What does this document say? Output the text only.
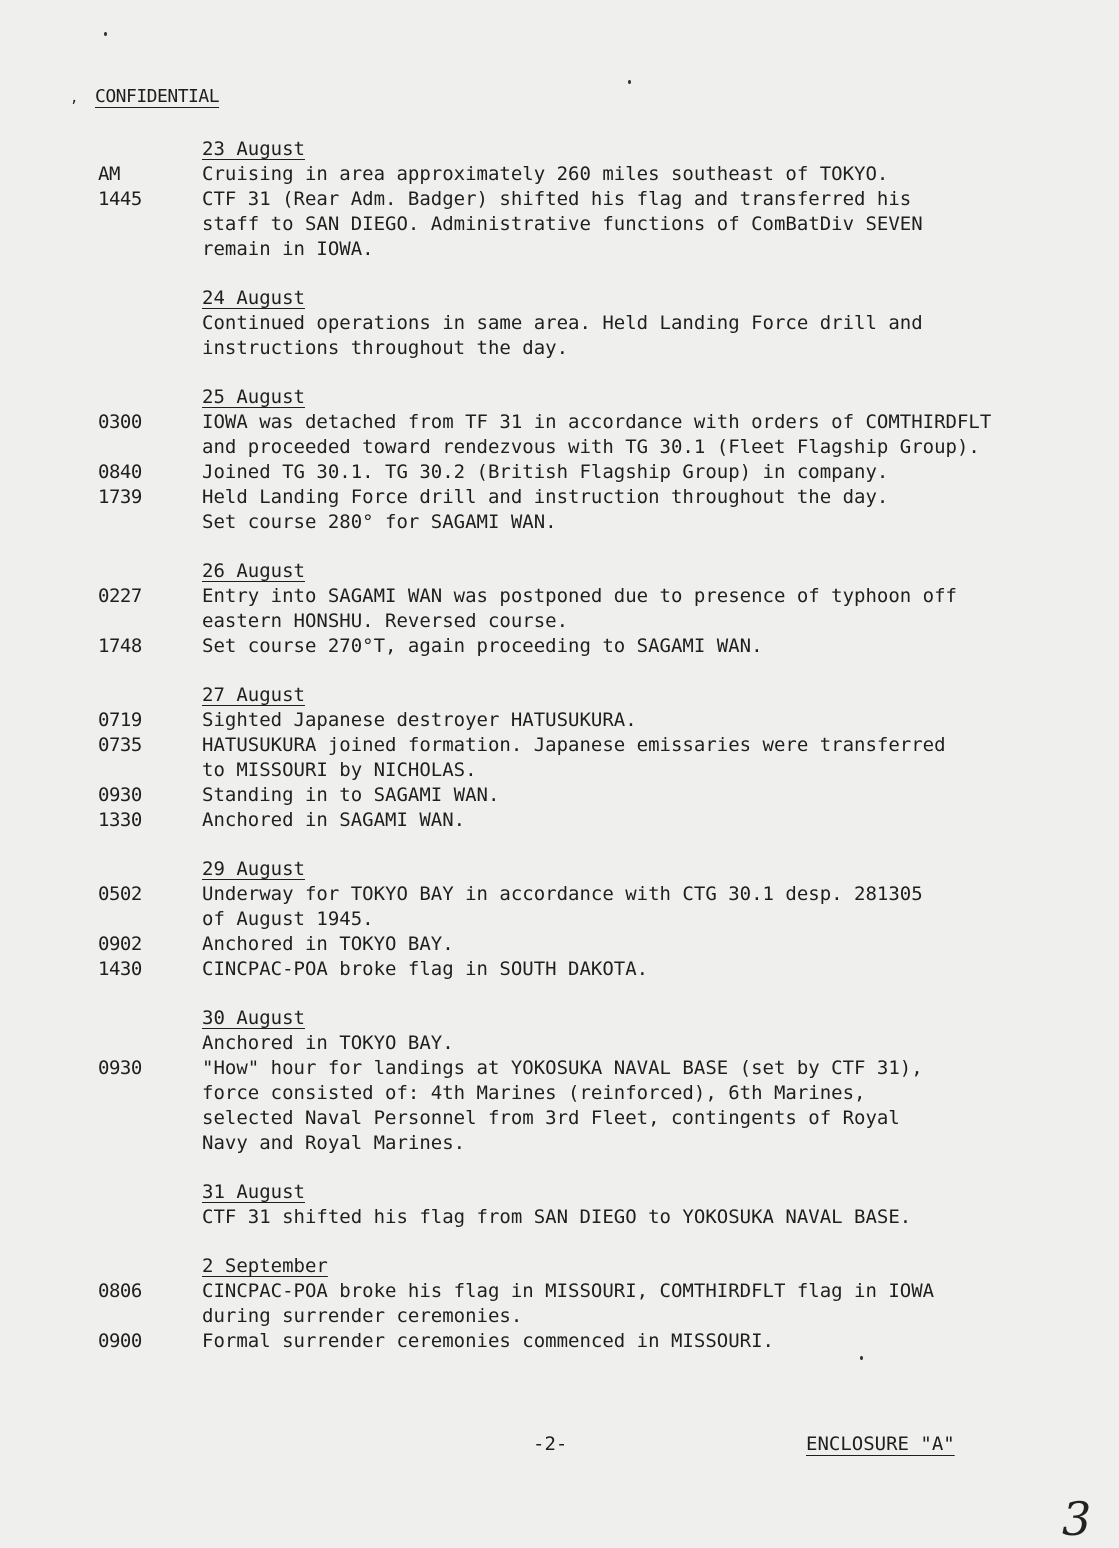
, CONFIDENTIAL
23 August
AM	Cruising in area approximately 260 miles southeast of TOKYO.
1445	CTF 31 (Rear Adm. Badger) shifted his flag and transferred his
staff to SAN DIEGO. Administrative functions of ComBatDiv SEVEN
remain in IOWA.
24 August
Continued operations in same area. Held Landing Force drill and
instructions throughout the day.
25 August
0300	IOWA was detached from TF 31 in accordance with orders of COMTHIRDFLT
and proceeded toward rendezvous with TG 30.1 (Fleet Flagship Group).
0840	Joined TG 30.1. TG 30.2 (British Flagship Group) in company.
1739	Held Landing Force drill and instruction throughout the day.
Set course 280° for SAGAMI WAN.
26 August
0227	Entry into SAGAMI WAN was postponed due to presence of typhoon off
eastern HONSHU. Reversed course.
1748	Set course 270°T, again proceeding to SAGAMI WAN.
27 August
0719	Sighted Japanese destroyer HATUSUKURA.
0735	HATUSUKURA joined formation. Japanese emissaries were transferred
to MISSOURI by NICHOLAS.
0930	Standing in to SAGAMI WAN.
1330	Anchored in SAGAMI WAN.
29 August
0502	Underway for TOKYO BAY in accordance with CTG 30.1 desp. 281305
of August 1945.
0902	Anchored in TOKYO BAY.
1430	CINCPAC-POA broke flag in SOUTH DAKOTA.
30 August
Anchored in TOKYO BAY.
0930	"How" hour for landings at YOKOSUKA NAVAL BASE (set by CTF 31),
force consisted of: 4th Marines (reinforced), 6th Marines,
selected Naval Personnel from 3rd Fleet, contingents of Royal
Navy and Royal Marines.
31 August
CTF 31 shifted his flag from SAN DIEGO to YOKOSUKA NAVAL BASE.
2 September
0806	CINCPAC-POA broke his flag in MISSOURI, COMTHIRDFLT flag in IOWA
during surrender ceremonies.
0900	Formal surrender ceremonies commenced in MISSOURI.
-2-	ENCLOSURE "A"
3
